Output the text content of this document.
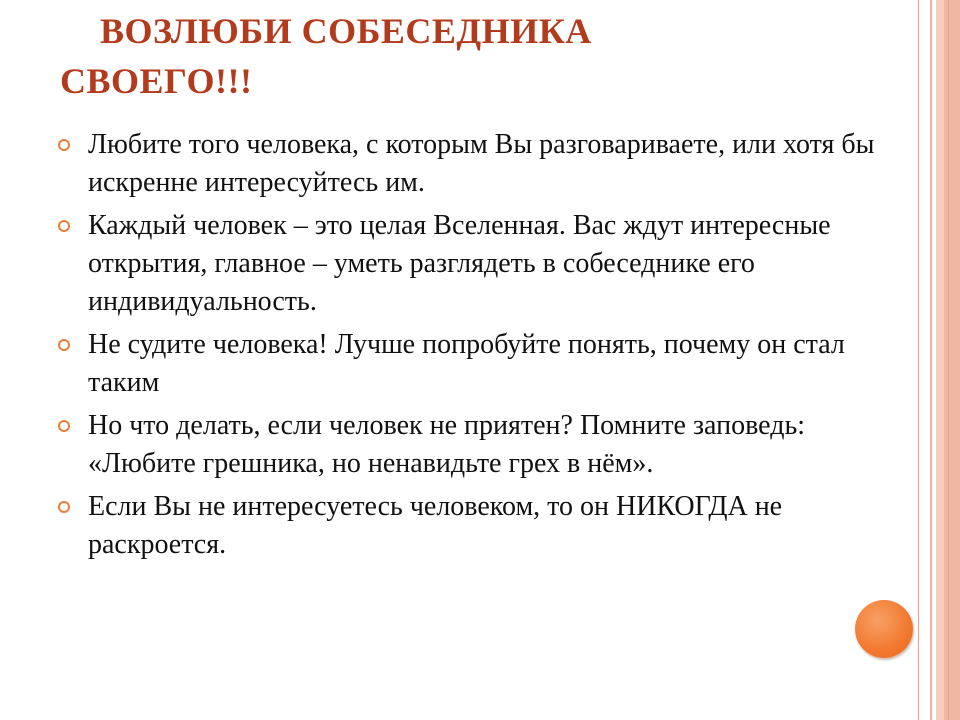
ВОЗЛЮБИ СОБЕСЕДНИКА
СВОЕГО!!!
Любите того человека, с которым Вы разговариваете, или хотя бы искренне интересуйтесь им.
Каждый человек – это целая Вселенная. Вас ждут интересные открытия, главное – уметь разглядеть в собеседнике его индивидуальность.
Не судите человека! Лучше попробуйте понять, почему он стал таким
Но что делать, если человек не приятен? Помните заповедь: «Любите грешника, но ненавидьте грех в нём».
Если Вы не интересуетесь человеком, то он НИКОГДА не раскроется.
